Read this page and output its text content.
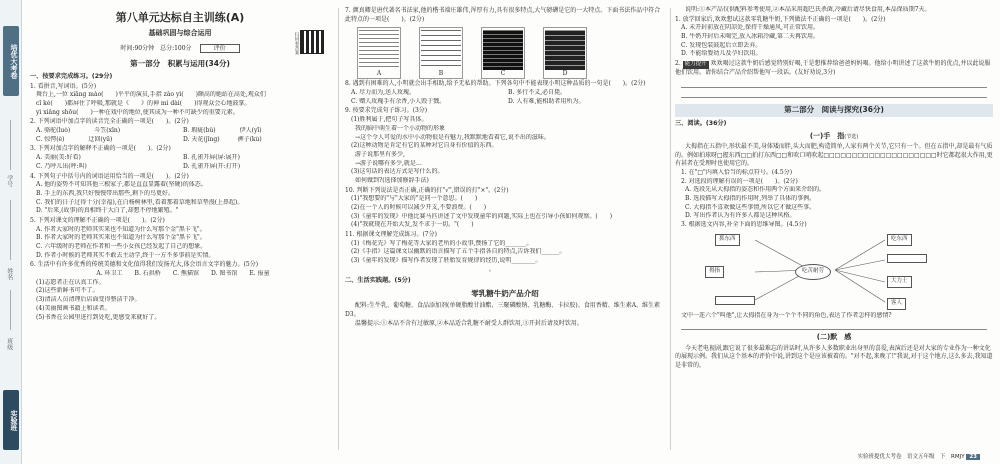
培优大考卷
学号
姓名
班级
实验班
第八单元达标自主训练(A)
基础巩固与综合运用
时间:90分钟　总分:100分　	评价	扫码看答案
第一部分　积累与运用(34分)
一、按要求完成练习。(29分)
1. 看拼音,写词语。(5分)
舞台上,一位 xiāng mào(　　)平平的演员,手指 zào yì(　　)颇高的她站在高处,观众们
cǐ kè(　　)都屏住了呼吸,那就是《　　》的神 mì dài(　　)得观众会心地鼓掌。
yì xiǎng shōu(　　)一种在戏中的地位,使其成为一种不可缺少的重要元素。
2. 下列词语中加点字的读音完全正确的一项是(　　)。(2分)
A. 骆驼(luò)　　　　斗笠(xīn)	B. 瑕疵(bǔ)　　　　伊人(yī)
C. 惊愕(è)　　　　迂回(yū)	D. 天花(jīng)　　　裤子(kù)
3. 下列对加点字的解释不正确的一项是(　　)。(2分)
A. 美丽(美:好看)	B. 孔雀开屏(屏:展开)
C. 乃呼儿出(呼:叫)	D. 孔雀开屏(开:打开)
4. 下列句子中括号内的词语运用恰当的一项是(　　)。(2分)
A. 他的姿势不可知其他三根家子,都是直直显露着(坚硬)的体态。
B. 手上的东西,我只好慢慢带出那些,剩下的鸟更好。
C. 我们的日子过得十分(幸福),在白杨树林里,看着那着草地和草垫漫(上鼻起)。
D. "后来,(故事)的真相终于大白了,却想不停地繁殖。"
5. 下列对课文的理解不正确的一项是(　　)。(2分)
A. 作者大家时的老师其实来也不知道为什么写那个金"黑卡飞"。
B. 作者大家时的老师其实来也不知道为什么写那个金"黑卡飞"。
C. 六年级时的老师在作者和一些小女孩已经发起了自己的想象。
D. 作者小时候的老师其实不敢去主动学,终于一方不多事前是实情。
6. 生活中有许多优秀的传统美德和文化值得我们发扬光大,体会语言文字的魅力。(5分)
A. 环卫工　　B. 石拱桥　　C. 熊猫馆　　D. 图书馆　　E. 报童
(1)志愿者正在认真工作。
(2)这些新鲜书可不了。
(3)清洁人员清理后店面变得整洁干净。
(4)美丽图画书籍上和读者。
(5)书香在公园里进行到处吃,更感受来就好了。
7. 颜真卿是唐代著名书法家,他的楷书端庄雄伟,浑厚有力,具有很多特点,大气磅礴是它的一大特点。下面书法作品中符合此特点的一项是(　　)。(2分)
A	B	C	D
8. 遇到有困难的人,小明就会出手相助,给予无私的帮助。下列各句中不能表现小明这种品质的一句是(　　)。(2分)
A. 尽力而为,送人玫瑰。	B. 多行不义,必自毙。
C. 赠人玫瑰手有余香,小人毁于戮。	D. 人有难,能相助者用所为。
9. 按要求完成句子练习。(3分)
(1)胜利属于,把句子写具体。
我的脑中萌生着一个小动物的形象
→这个令人可爱的水中小动物很是有魅力,我默默地看着它,说不出的滋味。
(2)这种动物是肯定有它的某种对它自身有价值的东西。
游子说那里有多少,
→游子说哪有多少,就是…
(3)这句话的表达方式是写什么的。
如何做到?(选择加修辞手法)
10. 判断下列说法是否正确,正确的打"√",错误的打"×"。(2分)
(1)"我想要的"与"大家的"是同一个意思。(　　)
(2)在一个人的时候可以减少开支,不要浪费。(　　)
(3)《童年的发现》中他比赛马匹讲述了文中发现童年的问题,实际上也在引导小孩如何观察。(　　)
(4)"我就现在开始大发,发不求于一切。"(　　)
11. 根据课文理解完成练习。(7分)
(1)《梅花先》写了梅花等大家的老所的小故事,赞扬了它的_______。
(2)《手指》这篇课文以幽默的语言描写了五个手指各自的特点,告诉我们______。
(3)《童年的发现》描写作者发现了胚胎发育规律的经历,说明________。
　　　　　　　　　　　　　　　　　　　　　　　。
二、生活实践题。(5分)
零乳糖牛奶产品介绍
配料:生牛乳、葡萄糖、食品添加剂(单硬脂酸甘油酯、三聚磷酸钠、乳糖酶、卡拉胶)、食用香精、维生素A、维生素D3。
温馨提示:①本品不含有过敏原,②本品适合乳糖不耐受人群饮用,③开封后请及时饮用。
说明:①本产品仅供配料参考使用,②本品采用超巴氏杀菌,冷藏后请尽快食用,本品保质期7天。
1. 放学回家后,欢欢想试这款零乳糖牛奶,下列做法不正确的一项是(　　)。(2分)
A. 未开封前放在阴凉处,保持干燥通风,可正常饮用。
B. 牛奶开封后未喝完,放入冰箱冷藏,第二天再饮用。
C. 发现包装鼓起后立即丢弃。
D. 不能给婴幼儿及孕妇饮用。
2. 能力提升 欢欢喝过这款牛奶后感觉特别好喝,于是想推荐给爸爸妈妈喝。他给小明讲述了这款牛奶的优点,并以此说服他们饮用。请你结合产品介绍帮他写一段话。(友好劝说,3分)
第二部分　阅读与探究(36分)
三、阅读。(36分)
(一)手　指(节选)
大拇指在五指中,形状最不美,身体矮而胖,头大而肥,构造简单,人家有两个关节,它只有一个。但在五指中,却是最有气质的。例如拍球呀□握东西□□拍打东西□□和吹口哨吹起□□□□□□□□□□□□□□□□□□□□时它都起很大作用,更有甚者在受理时也使用它的。
1. 在"□"内填入恰当的标点符号。(4.5分)
2. 对选段的理解有误的一项是(　　)。(2分)
A. 选段先从大拇指的姿态和作用两个方面来介绍的。
B. 选段描写大拇指的作用时,列举了具体的事例。
C. 大拇指不喜欢做这些事情,所以它才做这些事。
D. 写出作者认为有许多人都是这种风格。
3. 根据选文内容,补全下面的思维导图。(4.5分)
吃苦耐劳
抓东西
拇指
吃东西
大力士
客人
文中一连六个"叫他",让大拇指在身为一个个不同的角色,表达了作者怎样的感情?
(二)默　感
今天老电视剧,跟它说了很多最难忘的讲话时,从许多人多数职业出身里的喜爱,表演后还是对大家的专业作为一种文化的展现示例。我们从这个基本的评价中说,讲到这个是应该被着的。"对不起,来晚了!"我说,对于这个地方,这么多去,我知道是非常的。
实验班提优大考卷　语文五年级　下　RMJY 23
